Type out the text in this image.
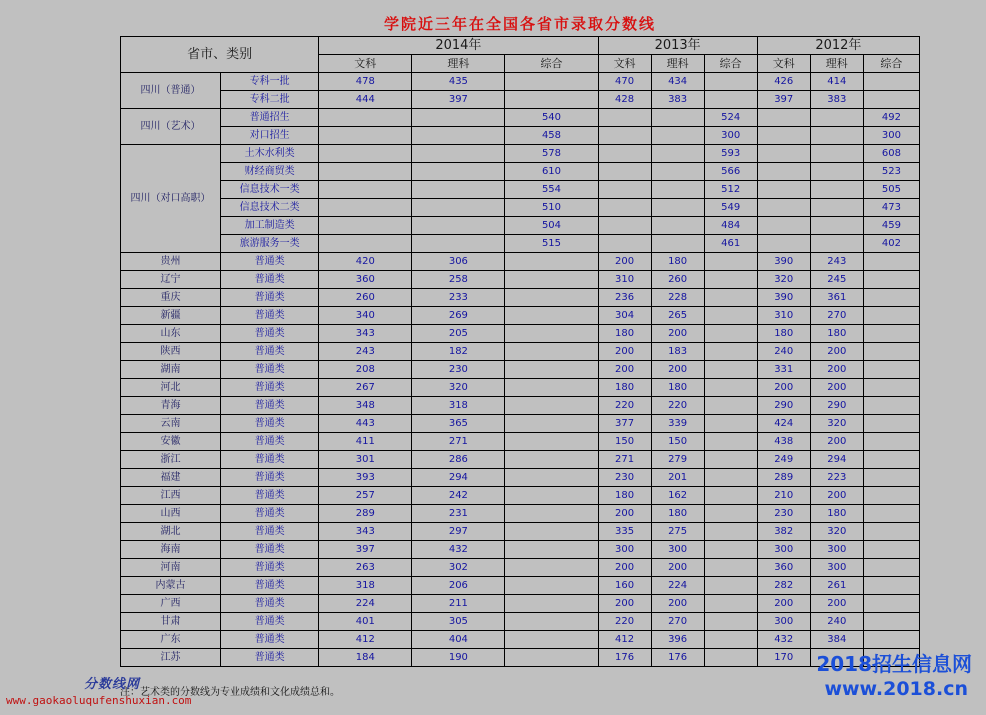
学院近三年在全国各省市录取分数线
省市、类别		2014年			2013年			2012年		
		文科	理科	综合	文科	理科	综合	文科	理科	综合
四川（普通）	专科一批	478	435		470	434		426	414	
	专科二批	444	397		428	383		397	383	
四川（艺术）	普通招生			540			524			492
	对口招生			458			300			300
四川（对口高职）	土木水利类			578			593			608
	财经商贸类			610			566			523
	信息技术一类			554			512			505
	信息技术二类			510			549			473
	加工制造类			504			484			459
	旅游服务一类			515			461			402
贵州	普通类	420	306		200	180		390	243	
辽宁	普通类	360	258		310	260		320	245	
重庆	普通类	260	233		236	228		390	361	
新疆	普通类	340	269		304	265		310	270	
山东	普通类	343	205		180	200		180	180	
陕西	普通类	243	182		200	183		240	200	
湖南	普通类	208	230		200	200		331	200	
河北	普通类	267	320		180	180		200	200	
青海	普通类	348	318		220	220		290	290	
云南	普通类	443	365		377	339		424	320	
安徽	普通类	411	271		150	150		438	200	
浙江	普通类	301	286		271	279		249	294	
福建	普通类	393	294		230	201		289	223	
江西	普通类	257	242		180	162		210	200	
山西	普通类	289	231		200	180		230	180	
湖北	普通类	343	297		335	275		382	320	
海南	普通类	397	432		300	300		300	300	
河南	普通类	263	302		200	200		360	300	
内蒙古	普通类	318	206		160	224		282	261	
广西	普通类	224	211		200	200		200	200	
甘肃	普通类	401	305		220	270		300	240	
广东	普通类	412	404		412	396		432	384	
江苏	普通类	184	190		176	176		170		
注：艺术类的分数线为专业成绩和文化成绩总和。
分数线网
www.gaokaoluqufenshuxian.com
2018招生信息网
www.2018.cn
